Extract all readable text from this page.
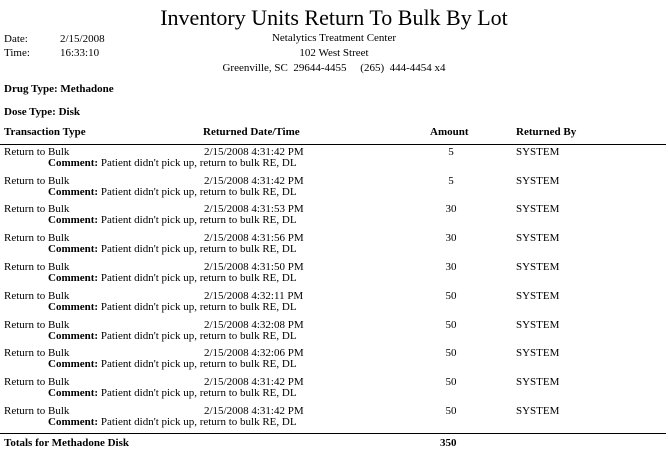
Inventory Units Return To Bulk By Lot
Date:	2/15/2008
Time:	16:33:10
Netalytics Treatment Center
102 West Street
Greenville, SC  29644-4455     (265)  444-4454 x4
Drug Type: Methadone
Dose Type: Disk
Transaction Type	Returned Date/Time	Amount	Returned By
Return to Bulk	2/15/2008 4:31:42 PM	5	SYSTEM
Comment: Patient didn't pick up, return to bulk RE, DL
Return to Bulk	2/15/2008 4:31:42 PM	5	SYSTEM
Comment: Patient didn't pick up, return to bulk RE, DL
Return to Bulk	2/15/2008 4:31:53 PM	30	SYSTEM
Comment: Patient didn't pick up, return to bulk RE, DL
Return to Bulk	2/15/2008 4:31:56 PM	30	SYSTEM
Comment: Patient didn't pick up, return to bulk RE, DL
Return to Bulk	2/15/2008 4:31:50 PM	30	SYSTEM
Comment: Patient didn't pick up, return to bulk RE, DL
Return to Bulk	2/15/2008 4:32:11 PM	50	SYSTEM
Comment: Patient didn't pick up, return to bulk RE, DL
Return to Bulk	2/15/2008 4:32:08 PM	50	SYSTEM
Comment: Patient didn't pick up, return to bulk RE, DL
Return to Bulk	2/15/2008 4:32:06 PM	50	SYSTEM
Comment: Patient didn't pick up, return to bulk RE, DL
Return to Bulk	2/15/2008 4:31:42 PM	50	SYSTEM
Comment: Patient didn't pick up, return to bulk RE, DL
Return to Bulk	2/15/2008 4:31:42 PM	50	SYSTEM
Comment: Patient didn't pick up, return to bulk RE, DL
Totals for Methadone Disk	350
